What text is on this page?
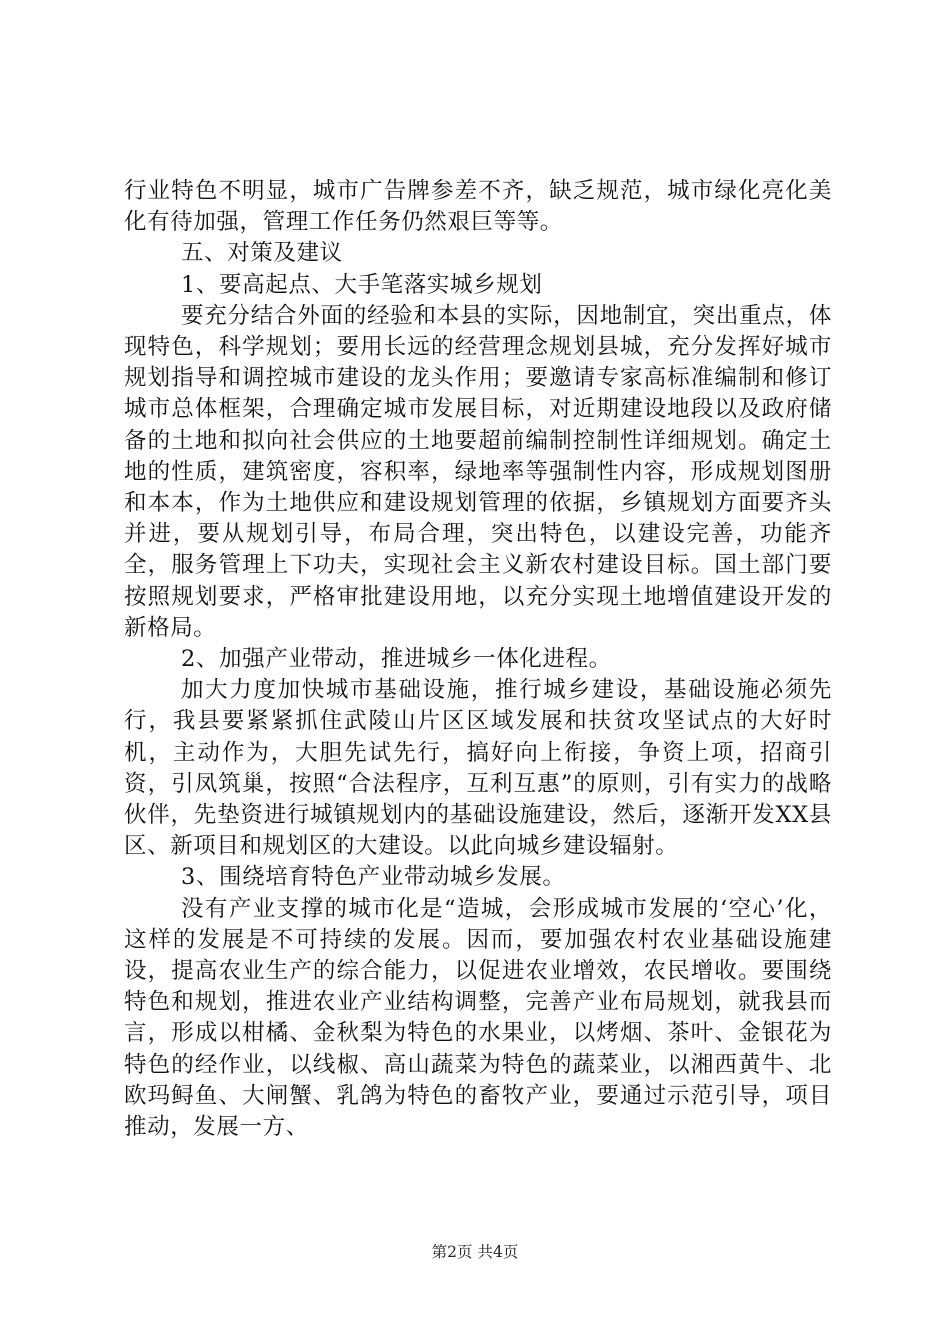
行业特色不明显，城市广告牌参差不齐，缺乏规范，城市绿化亮化美化有待加强，管理工作任务仍然艰巨等等。

五、对策及建议

1、要高起点、大手笔落实城乡规划

要充分结合外面的经验和本县的实际，因地制宜，突出重点，体现特色，科学规划；要用长远的经营理念规划县城，充分发挥好城市规划指导和调控城市建设的龙头作用；要邀请专家高标准编制和修订城市总体框架，合理确定城市发展目标，对近期建设地段以及政府储备的土地和拟向社会供应的土地要超前编制控制性详细规划。确定土地的性质，建筑密度，容积率，绿地率等强制性内容，形成规划图册和本本，作为土地供应和建设规划管理的依据，乡镇规划方面要齐头并进，要从规划引导，布局合理，突出特色，以建设完善，功能齐全，服务管理上下功夫，实现社会主义新农村建设目标。国土部门要按照规划要求，严格审批建设用地，以充分实现土地增值建设开发的新格局。

2、加强产业带动，推进城乡一体化进程。

加大力度加快城市基础设施，推行城乡建设，基础设施必须先行，我县要紧紧抓住武陵山片区区域发展和扶贫攻坚试点的大好时机，主动作为，大胆先试先行，搞好向上衔接，争资上项，招商引资，引凤筑巢，按照“合法程序，互利互惠”的原则，引有实力的战略伙伴，先垫资进行城镇规划内的基础设施建设，然后，逐渐开发XX县区、新项目和规划区的大建设。以此向城乡建设辐射。

3、围绕培育特色产业带动城乡发展。

没有产业支撑的城市化是“造城，会形成城市发展的‘空心’化，这样的发展是不可持续的发展。因而，要加强农村农业基础设施建设，提高农业生产的综合能力，以促进农业增效，农民增收。要围绕特色和规划，推进农业产业结构调整，完善产业布局规划，就我县而言，形成以柑橘、金秋梨为特色的水果业，以烤烟、茶叶、金银花为特色的经作业，以线椒、高山蔬菜为特色的蔬菜业，以湘西黄牛、北欧玛鲟鱼、大闸蟹、乳鸽为特色的畜牧产业，要通过示范引导，项目推动，发展一方、

第2页 共4页
